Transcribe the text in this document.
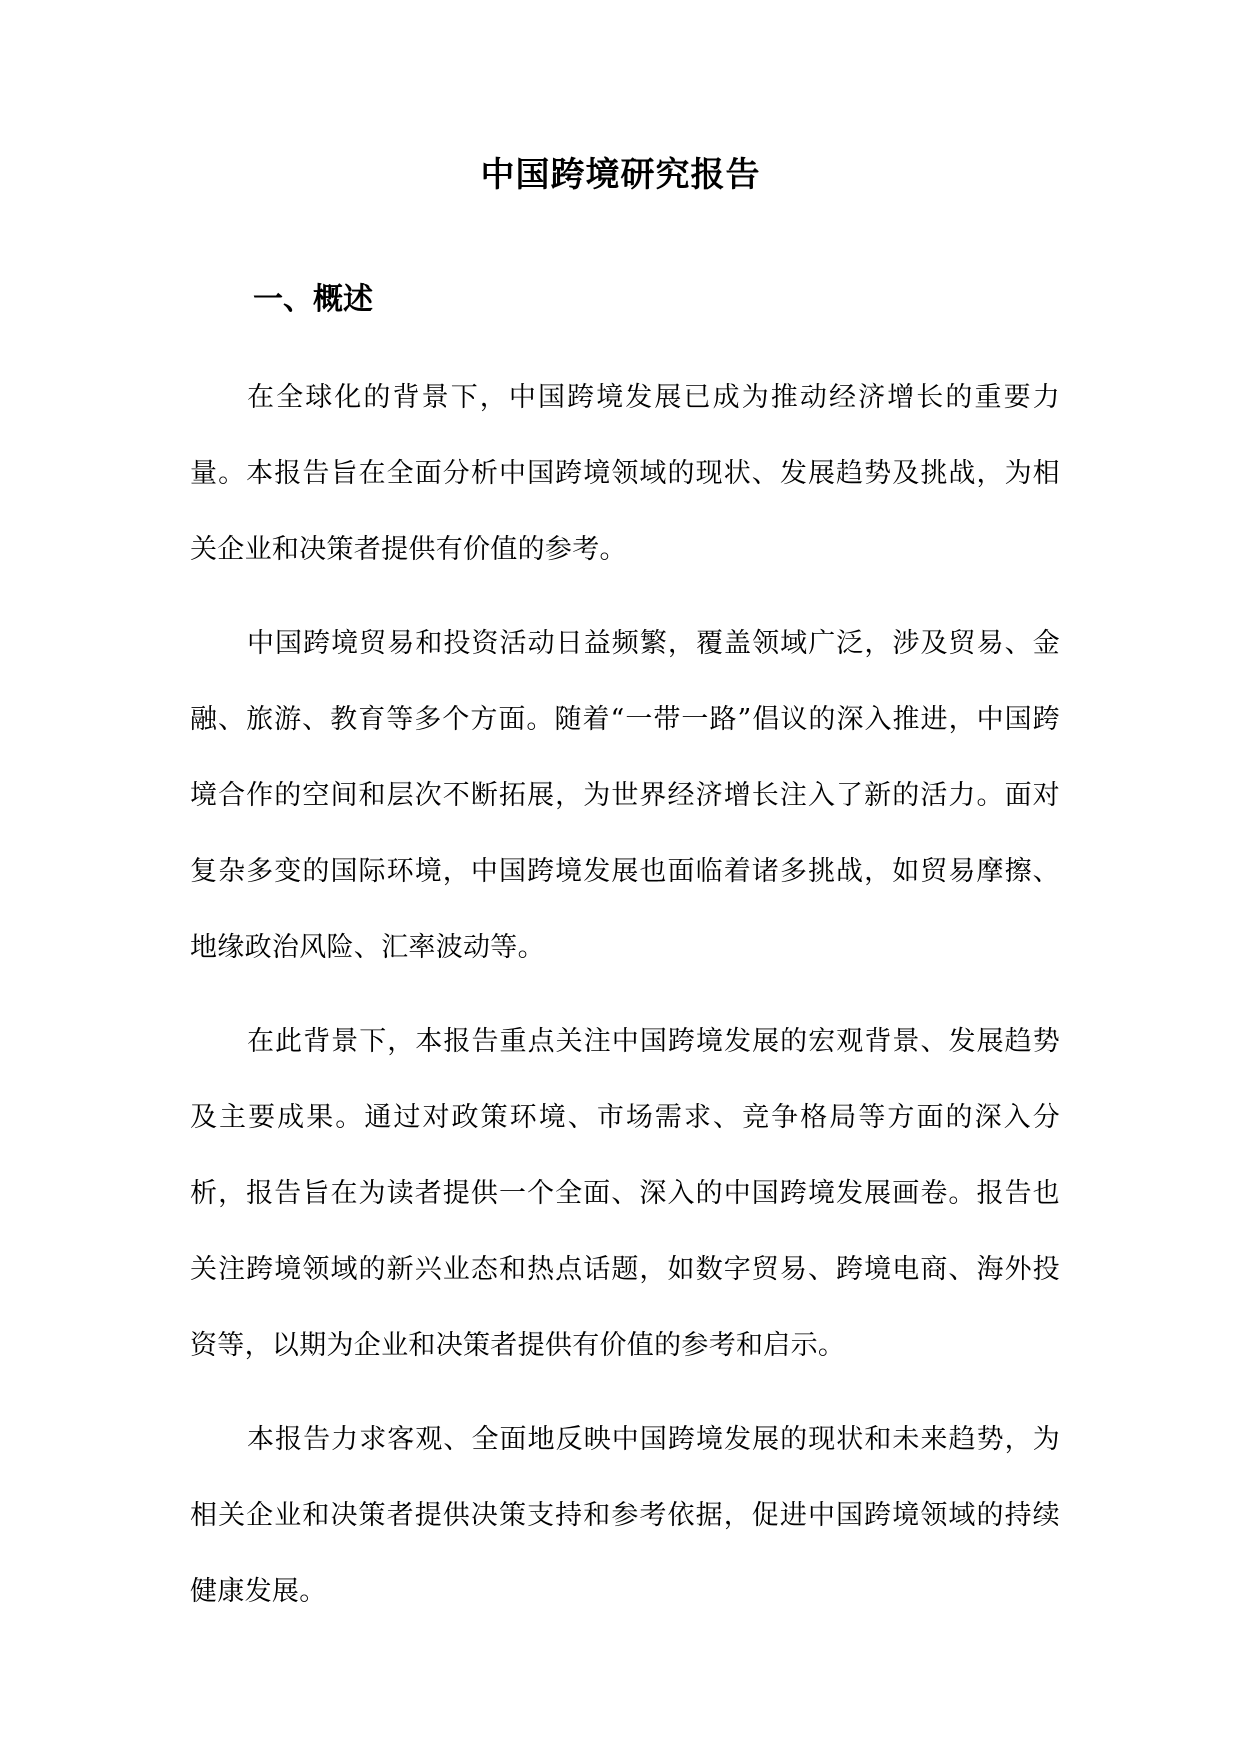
中国跨境研究报告
一、概述

在全球化的背景下，中国跨境发展已成为推动经济增长的重要力量。本报告旨在全面分析中国跨境领域的现状、发展趋势及挑战，为相关企业和决策者提供有价值的参考。

中国跨境贸易和投资活动日益频繁，覆盖领域广泛，涉及贸易、金融、旅游、教育等多个方面。随着“一带一路”倡议的深入推进，中国跨境合作的空间和层次不断拓展，为世界经济增长注入了新的活力。面对复杂多变的国际环境，中国跨境发展也面临着诸多挑战，如贸易摩擦、地缘政治风险、汇率波动等。

在此背景下，本报告重点关注中国跨境发展的宏观背景、发展趋势及主要成果。通过对政策环境、市场需求、竞争格局等方面的深入分析，报告旨在为读者提供一个全面、深入的中国跨境发展画卷。报告也关注跨境领域的新兴业态和热点话题，如数字贸易、跨境电商、海外投资等，以期为企业和决策者提供有价值的参考和启示。

本报告力求客观、全面地反映中国跨境发展的现状和未来趋势，为相关企业和决策者提供决策支持和参考依据，促进中国跨境领域的持续健康发展。
